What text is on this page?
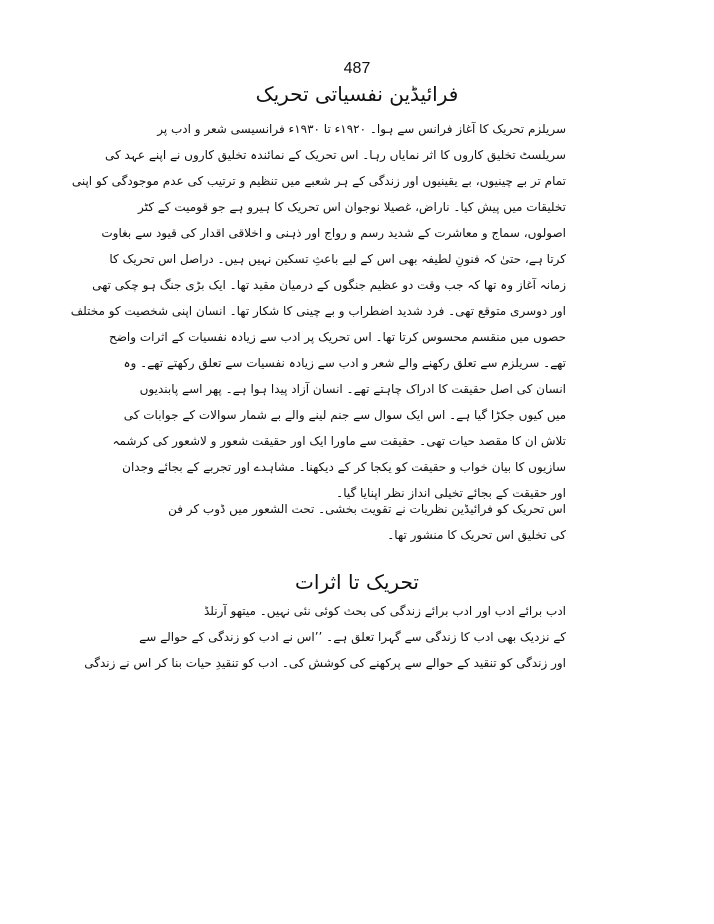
487
فرائیڈین نفسیاتی تحریک
سریلزم تحریک کا آغاز فرانس سے ہوا۔ ۱۹۲۰ء تا ۱۹۳۰ء فرانسیسی شعر و ادب پر
سریلسٹ تخلیق کاروں کا اثر نمایاں رہا۔ اس تحریک کے نمائندہ تخلیق کاروں نے اپنے عہد کی
تمام تر بے چینیوں، بے یقینیوں اور زندگی کے ہر شعبے میں تنظیم و ترتیب کی عدم موجودگی کو اپنی
تخلیقات میں پیش کیا۔ ناراض، غصیلا نوجوان اس تحریک کا ہیرو ہے جو قومیت کے کٹر
اصولوں، سماج و معاشرت کے شدید رسم و رواج اور ذہنی و اخلاقی اقدار کی قیود سے بغاوت
کرتا ہے، حتیٰ کہ فنونِ لطیفہ بھی اس کے لیے باعثِ تسکین نہیں ہیں۔ دراصل اس تحریک کا
زمانہ آغاز وہ تھا کہ جب وقت دو عظیم جنگوں کے درمیان مقید تھا۔ ایک بڑی جنگ ہو چکی تھی
اور دوسری متوقع تھی۔ فرد شدید اضطراب و بے چینی کا شکار تھا۔ انسان اپنی شخصیت کو مختلف
حصوں میں منقسم محسوس کرتا تھا۔ اس تحریک پر ادب سے زیادہ نفسیات کے اثرات واضح
تھے۔ سریلزم سے تعلق رکھنے والے شعر و ادب سے زیادہ نفسیات سے تعلق رکھتے تھے۔ وہ
انسان کی اصل حقیقت کا ادراک چاہتے تھے۔ انسان آزاد پیدا ہوا ہے۔ پھر اسے پابندیوں
میں کیوں جکڑا گیا ہے۔ اس ایک سوال سے جنم لینے والے بے شمار سوالات کے جوابات کی
تلاش ان کا مقصد حیات تھی۔ حقیقت سے ماورا ایک اور حقیقت شعور و لاشعور کی کرشمہ
سازیوں کا بیان خواب و حقیقت کو یکجا کر کے دیکھنا۔ مشاہدے اور تجربے کے بجائے وجدان
اور حقیقت کے بجائے تخیلی انداز نظر اپنایا گیا۔
اس تحریک کو فرائیڈین نظریات نے تقویت بخشی۔ تحت الشعور میں ڈوب کر فن
کی تخلیق اس تحریک کا منشور تھا۔
تحریک تا اثرات
ادب برائے ادب اور ادب برائے زندگی کی بحث کوئی نئی نہیں۔ میتھو آرنلڈ
کے نزدیک بھی ادب کا زندگی سے گہرا تعلق ہے۔ ’’اس نے ادب کو زندگی کے حوالے سے
اور زندگی کو تنقید کے حوالے سے پرکھنے کی کوشش کی۔ ادب کو تنقیدِ حیات بنا کر اس نے زندگی
